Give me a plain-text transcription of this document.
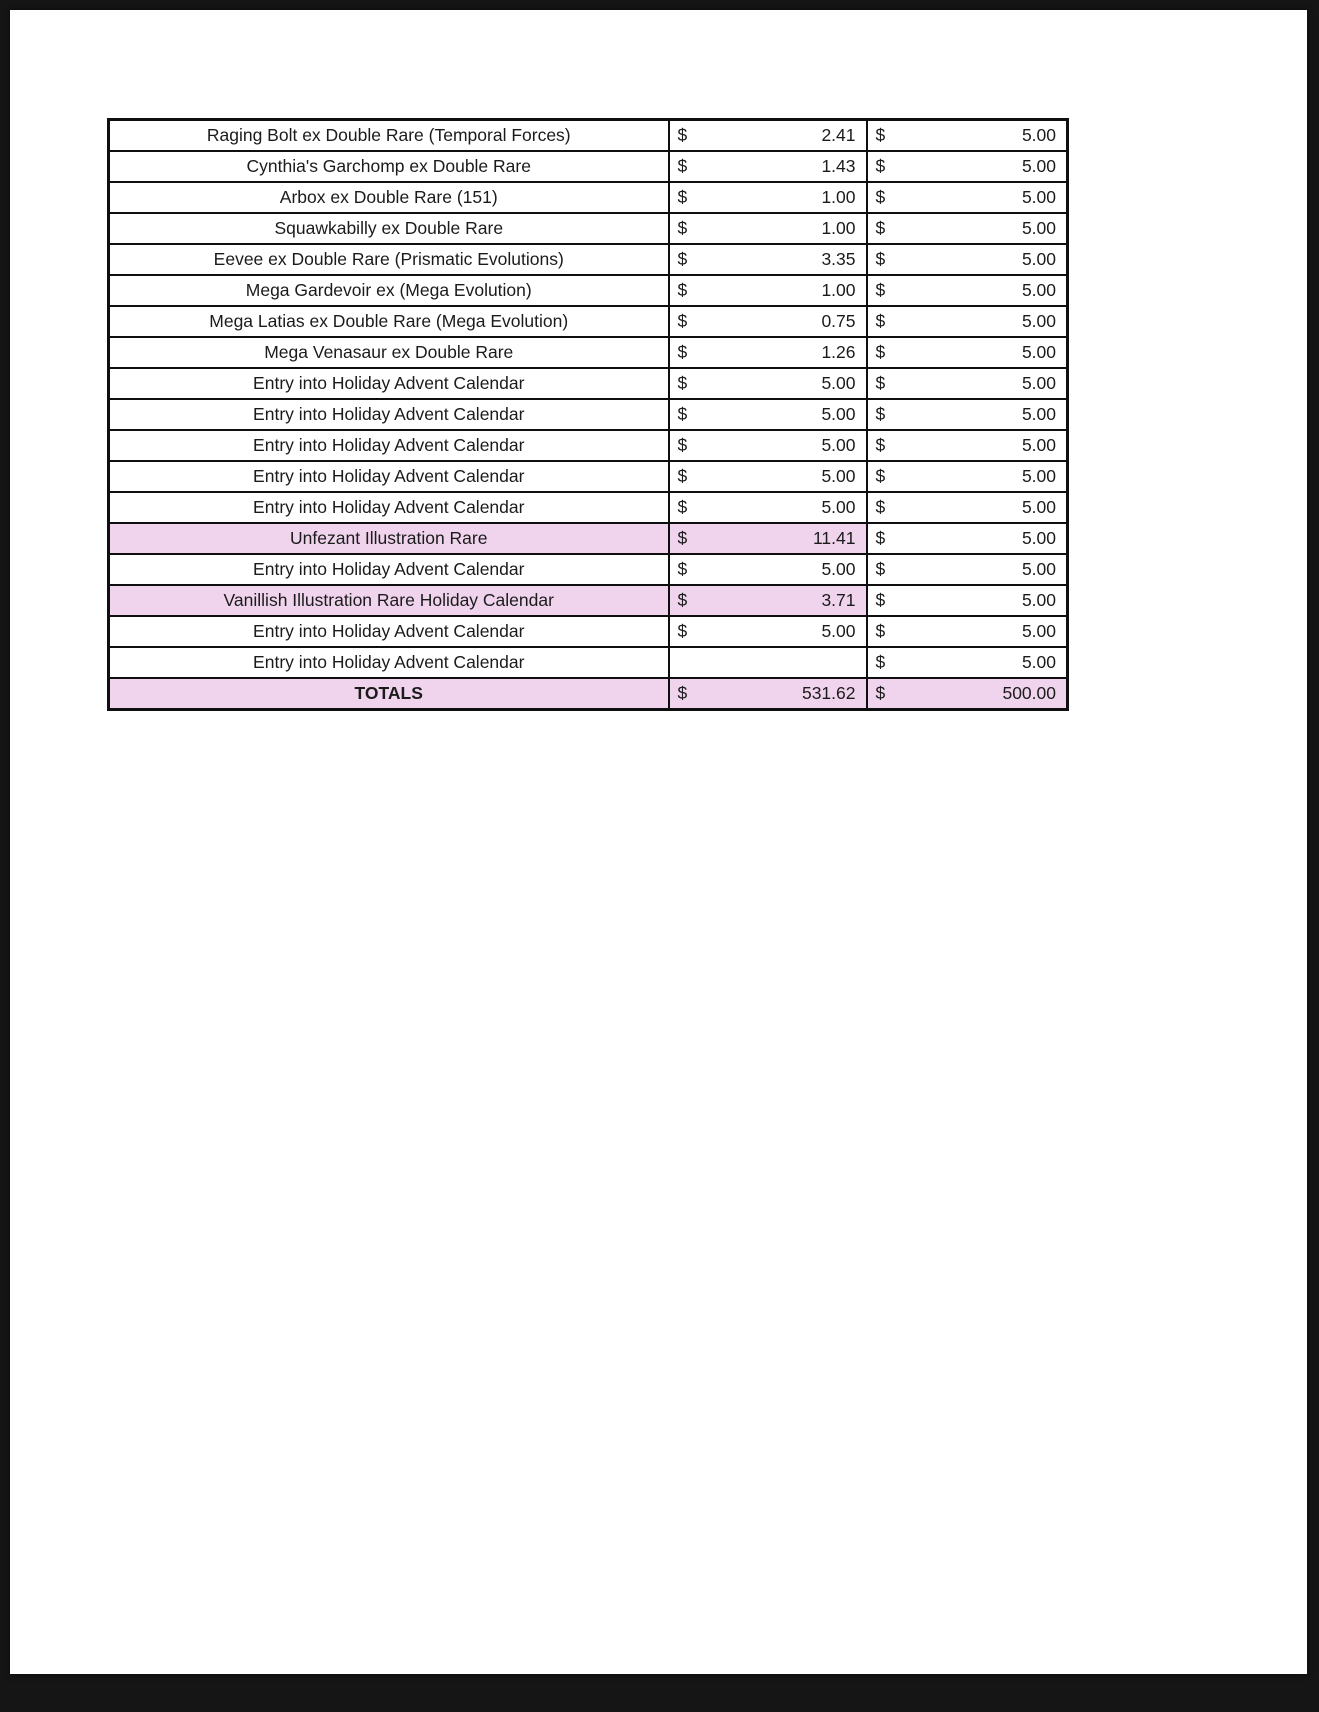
Raging Bolt ex Double Rare (Temporal Forces)	$ 2.41	$ 5.00

Cynthia's Garchomp ex Double Rare	$ 1.43	$ 5.00

Arbox ex Double Rare (151)	$ 1.00	$ 5.00

Squawkabilly ex Double Rare	$ 1.00	$ 5.00

Eevee ex Double Rare (Prismatic Evolutions)	$ 3.35	$ 5.00

Mega Gardevoir ex (Mega Evolution)	$ 1.00	$ 5.00

Mega Latias ex Double Rare (Mega Evolution)	$ 0.75	$ 5.00

Mega Venasaur ex Double Rare	$ 1.26	$ 5.00

Entry into Holiday Advent Calendar	$ 5.00	$ 5.00

Entry into Holiday Advent Calendar	$ 5.00	$ 5.00

Entry into Holiday Advent Calendar	$ 5.00	$ 5.00

Entry into Holiday Advent Calendar	$ 5.00	$ 5.00

Entry into Holiday Advent Calendar	$ 5.00	$ 5.00

Unfezant Illustration Rare	$ 11.41	$ 5.00

Entry into Holiday Advent Calendar	$ 5.00	$ 5.00

Vanillish Illustration Rare Holiday Calendar	$ 3.71	$ 5.00

Entry into Holiday Advent Calendar	$ 5.00	$ 5.00

Entry into Holiday Advent Calendar		$ 5.00

TOTALS	$ 531.62	$ 500.00
